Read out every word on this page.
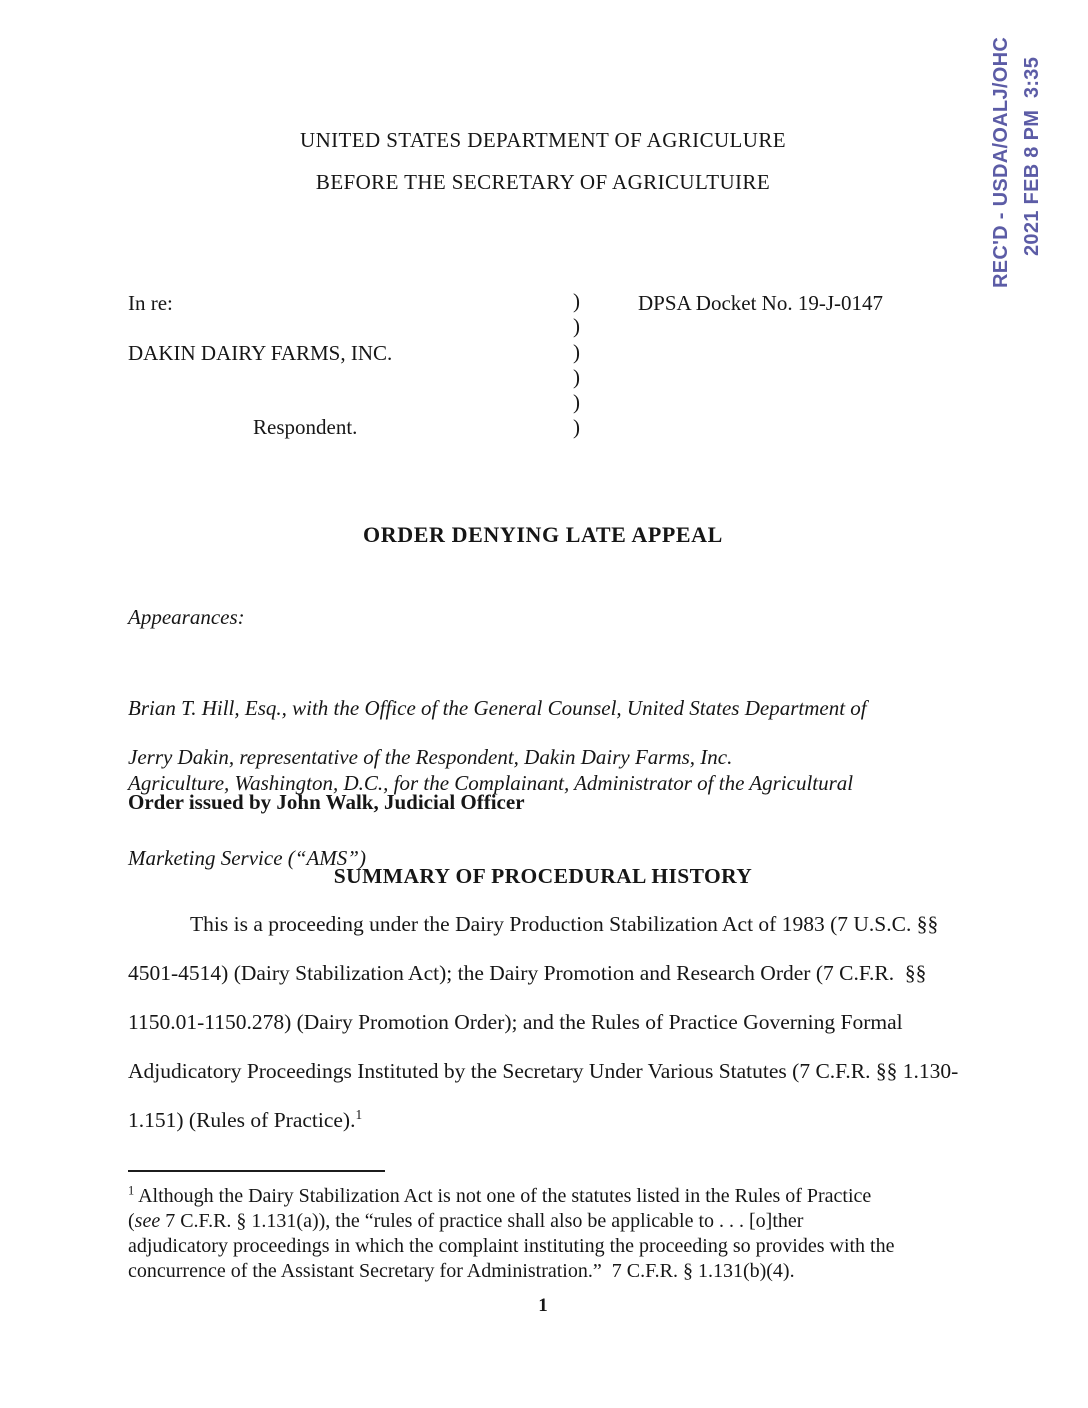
REC'D - USDA/OALJ/OHC 2021 FEB 8 PM  3:35
UNITED STATES DEPARTMENT OF AGRICULURE
BEFORE THE SECRETARY OF AGRICULTUIRE
In re:
DAKIN DAIRY FARMS, INC.
Respondent.
)
)
)
)
)
)
DPSA Docket No. 19-J-0147
ORDER DENYING LATE APPEAL
Appearances:

Brian T. Hill, Esq., with the Office of the General Counsel, United States Department of

Agriculture, Washington, D.C., for the Complainant, Administrator of the Agricultural

Marketing Service (“AMS”)

Jerry Dakin, representative of the Respondent, Dakin Dairy Farms, Inc.
Order issued by John Walk, Judicial Officer
SUMMARY OF PROCEDURAL HISTORY
This is a proceeding under the Dairy Production Stabilization Act of 1983 (7 U.S.C. §§
4501-4514) (Dairy Stabilization Act); the Dairy Promotion and Research Order (7 C.F.R.  §§
1150.01-1150.278) (Dairy Promotion Order); and the Rules of Practice Governing Formal
Adjudicatory Proceedings Instituted by the Secretary Under Various Statutes (7 C.F.R. §§ 1.130-
1.151) (Rules of Practice).$^1$
$^1$ Although the Dairy Stabilization Act is not one of the statutes listed in the Rules of Practice
(see 7 C.F.R. § 1.131(a)), the “rules of practice shall also be applicable to . . . [o]ther
adjudicatory proceedings in which the complaint instituting the proceeding so provides with the
concurrence of the Assistant Secretary for Administration.”  7 C.F.R. § 1.131(b)(4).
1
